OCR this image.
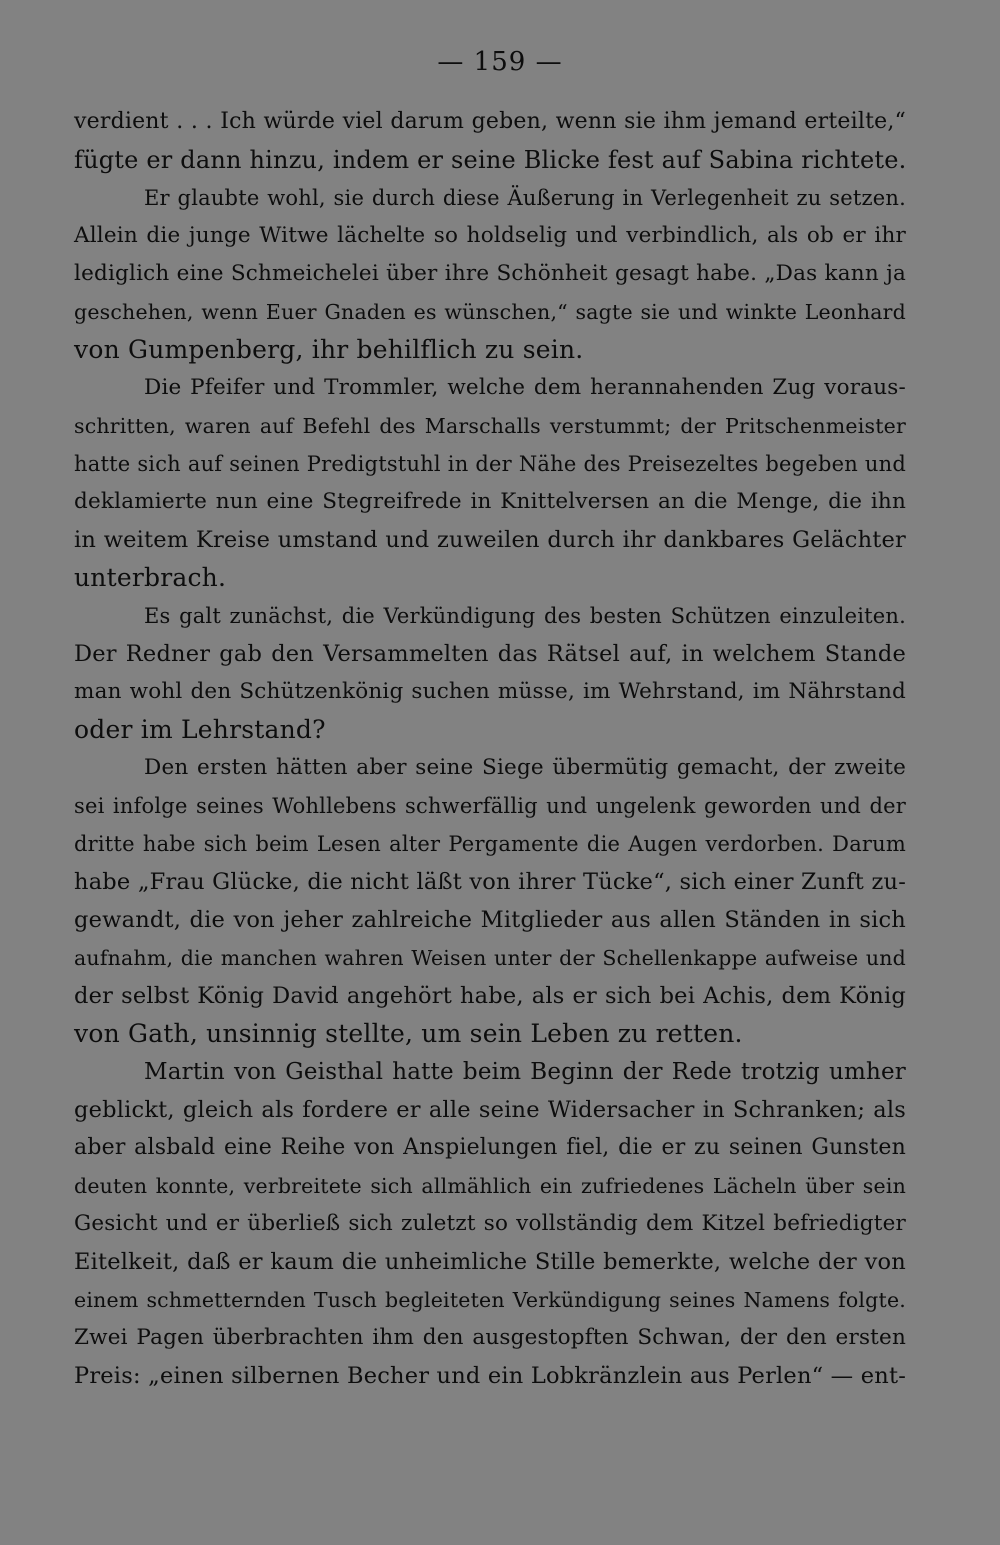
— 159 —
verdient . . . Ich würde viel darum geben, wenn sie ihm jemand erteilte,“
fügte er dann hinzu, indem er seine Blicke fest auf Sabina richtete.
Er glaubte wohl, sie durch diese Äußerung in Verlegenheit zu setzen.
Allein die junge Witwe lächelte so holdselig und verbindlich, als ob er ihr
lediglich eine Schmeichelei über ihre Schönheit gesagt habe. „Das kann ja
geschehen, wenn Euer Gnaden es wünschen,“ sagte sie und winkte Leonhard
von Gumpenberg, ihr behilflich zu sein.
Die Pfeifer und Trommler, welche dem herannahenden Zug voraus-
schritten, waren auf Befehl des Marschalls verstummt; der Pritschenmeister
hatte sich auf seinen Predigtstuhl in der Nähe des Preisezeltes begeben und
deklamierte nun eine Stegreifrede in Knittelversen an die Menge, die ihn
in weitem Kreise umstand und zuweilen durch ihr dankbares Gelächter
unterbrach.
Es galt zunächst, die Verkündigung des besten Schützen einzuleiten.
Der Redner gab den Versammelten das Rätsel auf, in welchem Stande
man wohl den Schützenkönig suchen müsse, im Wehrstand, im Nährstand
oder im Lehrstand?
Den ersten hätten aber seine Siege übermütig gemacht, der zweite
sei infolge seines Wohllebens schwerfällig und ungelenk geworden und der
dritte habe sich beim Lesen alter Pergamente die Augen verdorben. Darum
habe „Frau Glücke, die nicht läßt von ihrer Tücke“, sich einer Zunft zu-
gewandt, die von jeher zahlreiche Mitglieder aus allen Ständen in sich
aufnahm, die manchen wahren Weisen unter der Schellenkappe aufweise und
der selbst König David angehört habe, als er sich bei Achis, dem König
von Gath, unsinnig stellte, um sein Leben zu retten.
Martin von Geisthal hatte beim Beginn der Rede trotzig umher
geblickt, gleich als fordere er alle seine Widersacher in Schranken; als
aber alsbald eine Reihe von Anspielungen fiel, die er zu seinen Gunsten
deuten konnte, verbreitete sich allmählich ein zufriedenes Lächeln über sein
Gesicht und er überließ sich zuletzt so vollständig dem Kitzel befriedigter
Eitelkeit, daß er kaum die unheimliche Stille bemerkte, welche der von
einem schmetternden Tusch begleiteten Verkündigung seines Namens folgte.
Zwei Pagen überbrachten ihm den ausgestopften Schwan, der den ersten
Preis: „einen silbernen Becher und ein Lobkränzlein aus Perlen“ — ent-
